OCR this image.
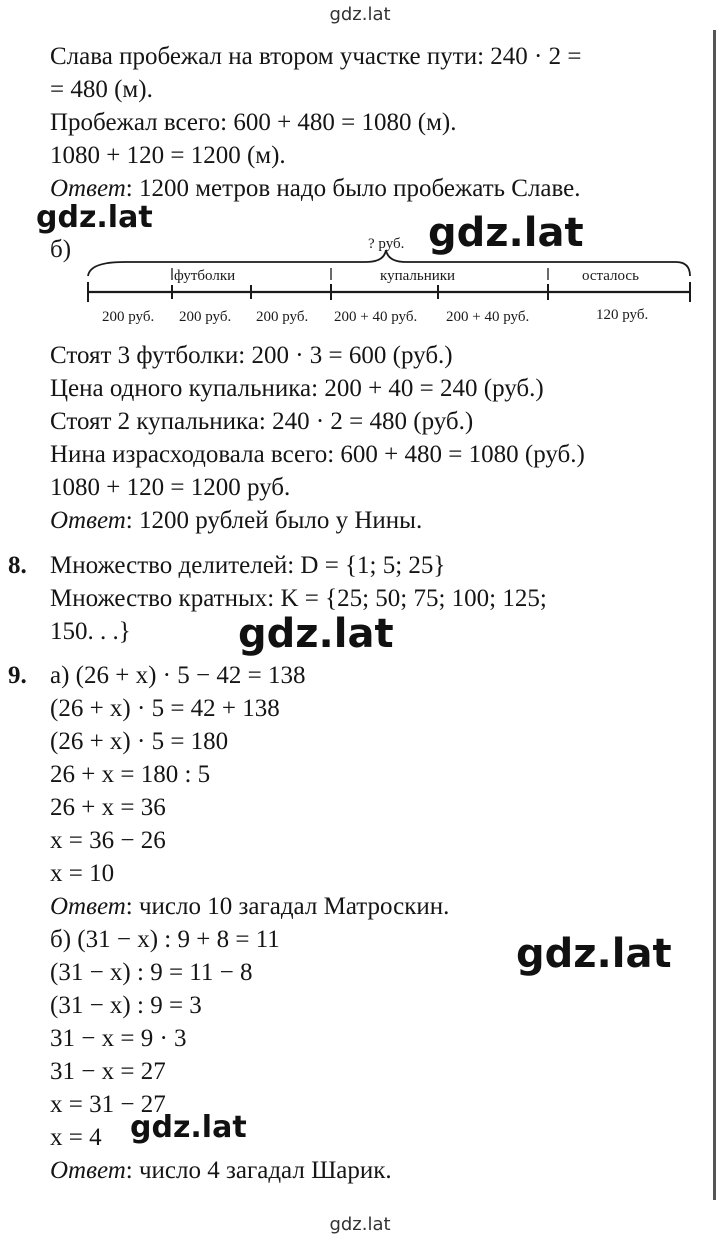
gdz.lat
Слава пробежал на втором участке пути: 240 · 2 =
= 480 (м).
Пробежал всего: 600 + 480 = 1080 (м).
1080 + 120 = 1200 (м).
Ответ: 1200 метров надо было пробежать Славе.
б)	? руб.
футболки	купальники	осталось
200 руб. 200 руб. 200 руб. 200 + 40 руб. 200 + 40 руб.	120 руб.
Стоят 3 футболки: 200 · 3 = 600 (руб.)
Цена одного купальника: 200 + 40 = 240 (руб.)
Стоят 2 купальника: 240 · 2 = 480 (руб.)
Нина израсходовала всего: 600 + 480 = 1080 (руб.)
1080 + 120 = 1200 руб.
Ответ: 1200 рублей было у Нины.
8. Множество делителей: D = {1; 5; 25}
Множество кратных: K = {25; 50; 75; 100; 125;
150. . .}
9. а) (26 + x) · 5 − 42 = 138
(26 + x) · 5 = 42 + 138
(26 + x) · 5 = 180
26 + x = 180 : 5
26 + x = 36
x = 36 − 26
x = 10
Ответ: число 10 загадал Матроскин.
б) (31 − x) : 9 + 8 = 11
(31 − x) : 9 = 11 − 8
(31 − x) : 9 = 3
31 − x = 9 · 3
31 − x = 27
x = 31 − 27
x = 4
Ответ: число 4 загадал Шарик.
gdz.lat	gdz.lat
gdz.lat
gdz.lat
gdz.lat
gdz.lat
